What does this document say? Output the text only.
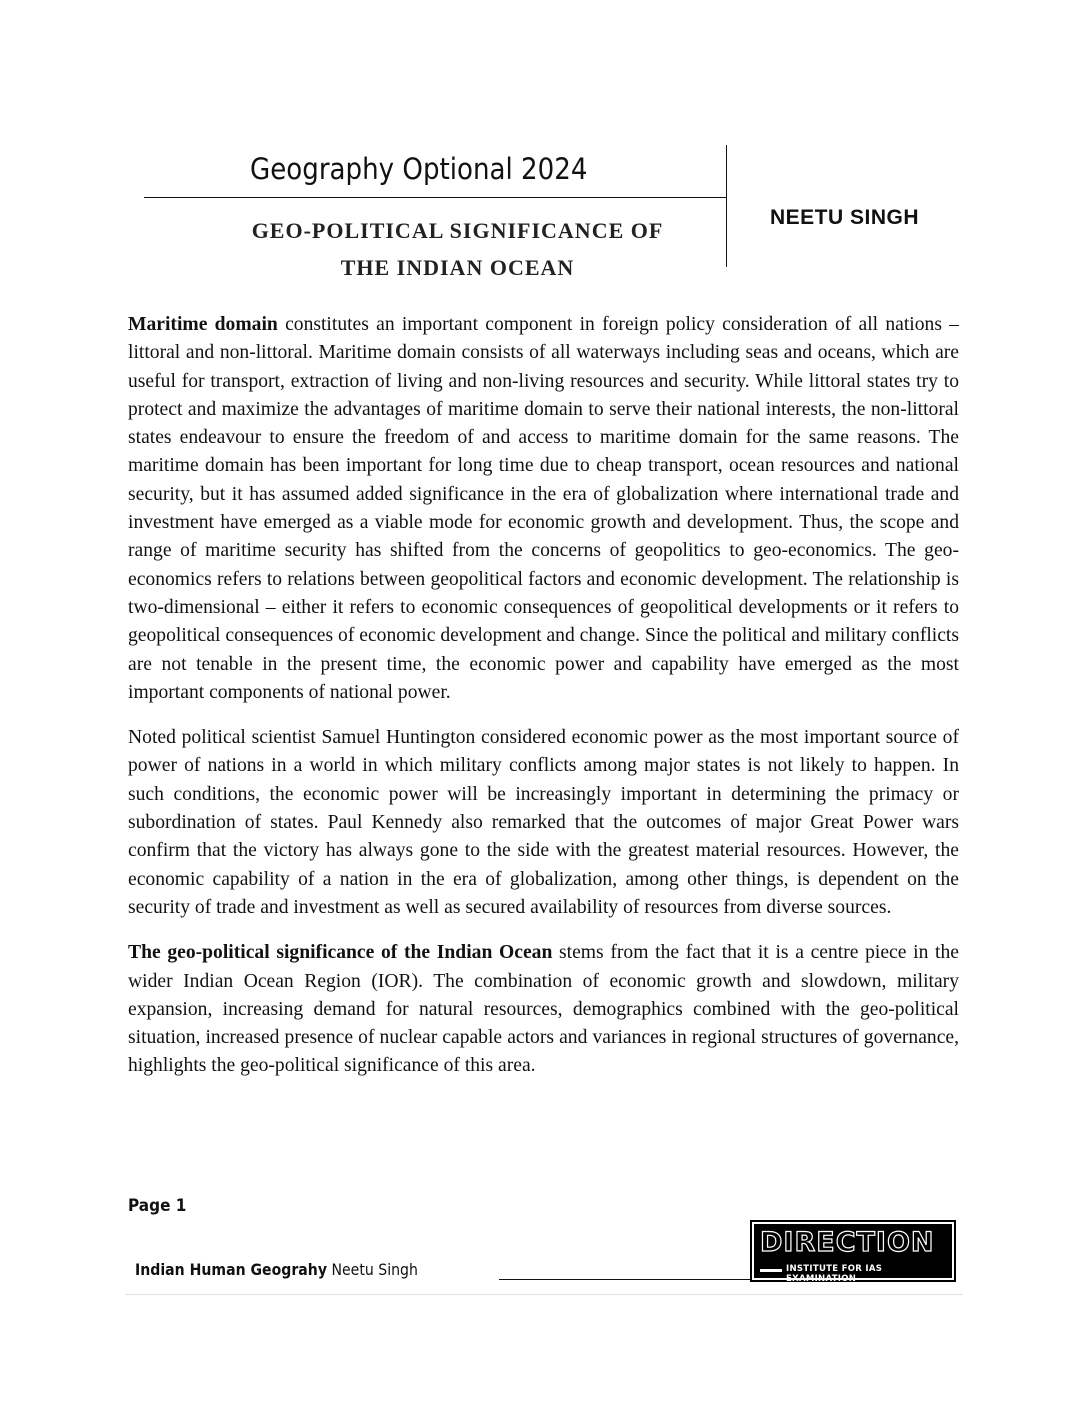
Geography Optional 2024
GEO-POLITICAL SIGNIFICANCE OF
THE INDIAN OCEAN
NEETU SINGH

Maritime domain constitutes an important component in foreign policy consideration of all nations – littoral and non-littoral. Maritime domain consists of all waterways including seas and oceans, which are useful for transport, extraction of living and non-living resources and security. While littoral states try to protect and maximize the advantages of maritime domain to serve their national interests, the non-littoral states endeavour to ensure the freedom of and access to maritime domain for the same reasons. The maritime domain has been important for long time due to cheap transport, ocean resources and national security, but it has assumed added significance in the era of globalization where international trade and investment have emerged as a viable mode for economic growth and development. Thus, the scope and range of maritime security has shifted from the concerns of geopolitics to geo-economics. The geo-economics refers to relations between geopolitical factors and economic development. The relationship is two-dimensional – either it refers to economic consequences of geopolitical developments or it refers to geopolitical consequences of economic development and change. Since the political and military conflicts are not tenable in the present time, the economic power and capability have emerged as the most important components of national power.

Noted political scientist Samuel Huntington considered economic power as the most important source of power of nations in a world in which military conflicts among major states is not likely to happen. In such conditions, the economic power will be increasingly important in determining the primacy or subordination of states. Paul Kennedy also remarked that the outcomes of major Great Power wars confirm that the victory has always gone to the side with the greatest material resources. However, the economic capability of a nation in the era of globalization, among other things, is dependent on the security of trade and investment as well as secured availability of resources from diverse sources.

The geo-political significance of the Indian Ocean stems from the fact that it is a centre piece in the wider Indian Ocean Region (IOR). The combination of economic growth and slowdown, military expansion, increasing demand for natural resources, demographics combined with the geo-political situation, increased presence of nuclear capable actors and variances in regional structures of governance, highlights the geo-political significance of this area.

Page 1
Indian Human Geograhy Neetu Singh
DIRECTION
INSTITUTE FOR IAS EXAMINATION
